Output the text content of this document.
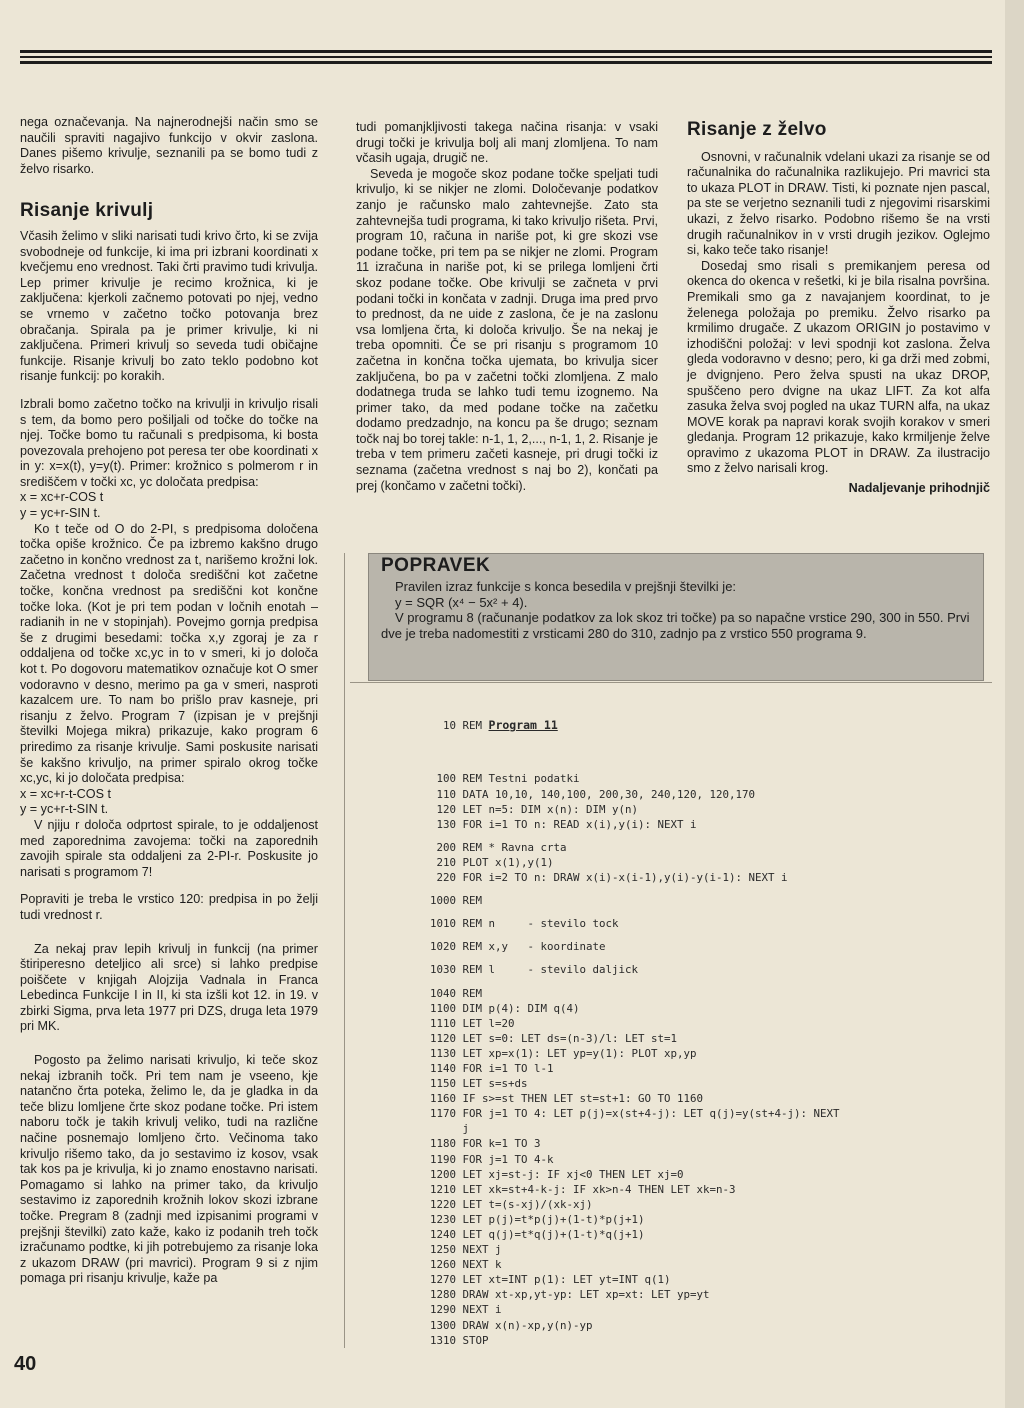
nega označevanja. Na najnerodnejši način smo se naučili spraviti nagajivo funkcijo v okvir zaslona. Danes pišemo krivulje, seznanili pa se bomo tudi z želvo risarko.

Risanje krivulj

Včasih želimo v sliki narisati tudi krivo črto, ki se zvija svobodneje od funkcije, ki ima pri izbrani koordinati x kvečjemu eno vrednost. Taki črti pravimo tudi krivulja. Lep primer krivulje je recimo krožnica, ki je zaključena: kjerkoli začnemo potovati po njej, vedno se vrnemo v začetno točko potovanja brez obračanja. Spirala pa je primer krivulje, ki ni zaključena. Primeri krivulj so seveda tudi običajne funkcije. Risanje krivulj bo zato teklo podobno kot risanje funkcij: po korakih.

Izbrali bomo začetno točko na krivulji in krivuljo risali s tem, da bomo pero pošiljali od točke do točke na njej. Točke bomo tu računali s predpisoma, ki bosta povezovala prehojeno pot peresa ter obe koordinati x in y: x=x(t), y=y(t). Primer: krožnico s polmerom r in središčem v točki xc, yc določata predpisa:

x = xc+r-COS t

y = yc+r-SIN t.

Ko t teče od O do 2-PI, s predpisoma določena točka opiše krožnico. Če pa izbremo kakšno drugo začetno in končno vrednost za t, narišemo krožni lok. Začetna vrednost t določa središčni kot začetne točke, končna vrednost pa središčni kot končne točke loka. (Kot je pri tem podan v ločnih enotah – radianih in ne v stopinjah). Povejmo gornja predpisa še z drugimi besedami: točka x,y zgoraj je za r oddaljena od točke xc,yc in to v smeri, ki jo določa kot t. Po dogovoru matematikov označuje kot O smer vodoravno v desno, merimo pa ga v smeri, nasproti kazalcem ure. To nam bo prišlo prav kasneje, pri risanju z želvo. Program 7 (izpisan je v prejšnji številki Mojega mikra) prikazuje, kako program 6 priredimo za risanje krivulje. Sami poskusite narisati še kakšno krivuljo, na primer spiralo okrog točke xc,yc, ki jo določata predpisa:

x = xc+r-t-COS t

y = yc+r-t-SIN t.

V njiju r določa odprtost spirale, to je oddaljenost med zaporednima zavojema: točki na zaporednih zavojih spirale sta oddaljeni za 2-PI-r. Poskusite jo narisati s programom 7!

Popraviti je treba le vrstico 120: predpisa in po želji tudi vrednost r.

Za nekaj prav lepih krivulj in funkcij (na primer štiriperesno deteljico ali srce) si lahko predpise poiščete v knjigah Alojzija Vadnala in Franca Lebedinca Funkcije I in II, ki sta izšli kot 12. in 19. v zbirki Sigma, prva leta 1977 pri DZS, druga leta 1979 pri MK.

Pogosto pa želimo narisati krivuljo, ki teče skoz nekaj izbranih točk. Pri tem nam je vseeno, kje natančno črta poteka, želimo le, da je gladka in da teče blizu lomljene črte skoz podane točke. Pri istem naboru točk je takih krivulj veliko, tudi na različne načine posnemajo lomljeno črto. Večinoma tako krivuljo rišemo tako, da jo sestavimo iz kosov, vsak tak kos pa je krivulja, ki jo znamo enostavno narisati. Pomagamo si lahko na primer tako, da krivuljo sestavimo iz zaporednih krožnih lokov skozi izbrane točke. Pregram 8 (zadnji med izpisanimi programi v prejšnji številki) zato kaže, kako iz podanih treh točk izračunamo podtke, ki jih potrebujemo za risanje loka z ukazom DRAW (pri mavrici). Program 9 si z njim pomaga pri risanju krivulje, kaže pa

tudi pomanjkljivosti takega načina risanja: v vsaki drugi točki je krivulja bolj ali manj zlomljena. To nam včasih ugaja, drugič ne.

Seveda je mogoče skoz podane točke speljati tudi krivuljo, ki se nikjer ne zlomi. Določevanje podatkov zanjo je računsko malo zahtevnejše. Zato sta zahtevnejša tudi programa, ki tako krivuljo rišeta. Prvi, program 10, računa in nariše pot, ki gre skozi vse podane točke, pri tem pa se nikjer ne zlomi. Program 11 izračuna in nariše pot, ki se prilega lomljeni črti skoz podane točke. Obe krivulji se začneta v prvi podani točki in končata v zadnji. Druga ima pred prvo to prednost, da ne uide z zaslona, če je na zaslonu vsa lomljena črta, ki določa krivuljo. Še na nekaj je treba opomniti. Če se pri risanju s programom 10 začetna in končna točka ujemata, bo krivulja sicer zaključena, bo pa v začetni točki zlomljena. Z malo dodatnega truda se lahko tudi temu izognemo. Na primer tako, da med podane točke na začetku dodamo predzadnjo, na koncu pa še drugo; seznam točk naj bo torej takle: n-1, 1, 2,..., n-1, 1, 2. Risanje je treba v tem primeru začeti kasneje, pri drugi točki iz seznama (začetna vrednost s naj bo 2), končati pa prej (končamo v začetni točki).

Risanje z želvo

Osnovni, v računalnik vdelani ukazi za risanje se od računalnika do računalnika razlikujejo. Pri mavrici sta to ukaza PLOT in DRAW. Tisti, ki poznate njen pascal, pa ste se verjetno seznanili tudi z njegovimi risarskimi ukazi, z želvo risarko. Podobno rišemo še na vrsti drugih računalnikov in v vrsti drugih jezikov. Oglejmo si, kako teče tako risanje!

Dosedaj smo risali s premikanjem peresa od okenca do okenca v rešetki, ki je bila risalna površina. Premikali smo ga z navajanjem koordinat, to je želenega položaja po premiku. Želvo risarko pa krmilimo drugače. Z ukazom ORIGIN jo postavimo v izhodiščni položaj: v levi spodnji kot zaslona. Želva gleda vodoravno v desno; pero, ki ga drži med zobmi, je dvignjeno. Pero želva spusti na ukaz DROP, spuščeno pero dvigne na ukaz LIFT. Za kot alfa zasuka želva svoj pogled na ukaz TURN alfa, na ukaz MOVE korak pa napravi korak svojih korakov v smeri gledanja. Program 12 prikazuje, kako krmiljenje želve opravimo z ukazoma PLOT in DRAW. Za ilustracijo smo z želvo narisali krog.

Nadaljevanje prihodnjič

POPRAVEK

Pravilen izraz funkcije s konca besedila v prejšnji številki je:

y = SQR (x⁴ − 5x² + 4).

V programu 8 (računanje podatkov za lok skoz tri točke) pa so napačne vrstice 290, 300 in 550. Prvi dve je treba nadomestiti z vrsticami 280 do 310, zadnjo pa z vrstico 550 programa 9.

10 REM Program 11

100 REM Testni podatki
110 DATA 10,10, 140,100, 200,30, 240,120, 120,170
120 LET n=5: DIM x(n): DIM y(n)
130 FOR i=1 TO n: READ x(i),y(i): NEXT i
200 REM * Ravna crta
210 PLOT x(1),y(1)
220 FOR i=2 TO n: DRAW x(i)-x(i-1),y(i)-y(i-1): NEXT i
1000 REM
1010 REM n     - stevilo tock
1020 REM x,y   - koordinate
1030 REM l     - stevilo daljick
1040 REM
1100 DIM p(4): DIM q(4)
1110 LET l=20
1120 LET s=0: LET ds=(n-3)/l: LET st=1
1130 LET xp=x(1): LET yp=y(1): PLOT xp,yp
1140 FOR i=1 TO l-1
1150 LET s=s+ds
1160 IF s>=st THEN LET st=st+1: GO TO 1160
1170 FOR j=1 TO 4: LET p(j)=x(st+4-j): LET q(j)=y(st+4-j): NEXT
j
1180 FOR k=1 TO 3
1190 FOR j=1 TO 4-k
1200 LET xj=st-j: IF xj<0 THEN LET xj=0
1210 LET xk=st+4-k-j: IF xk>n-4 THEN LET xk=n-3
1220 LET t=(s-xj)/(xk-xj)
1230 LET p(j)=t*p(j)+(1-t)*p(j+1)
1240 LET q(j)=t*q(j)+(1-t)*q(j+1)
1250 NEXT j
1260 NEXT k
1270 LET xt=INT p(1): LET yt=INT q(1)
1280 DRAW xt-xp,yt-yp: LET xp=xt: LET yp=yt
1290 NEXT i
1300 DRAW x(n)-xp,y(n)-yp
1310 STOP

40
